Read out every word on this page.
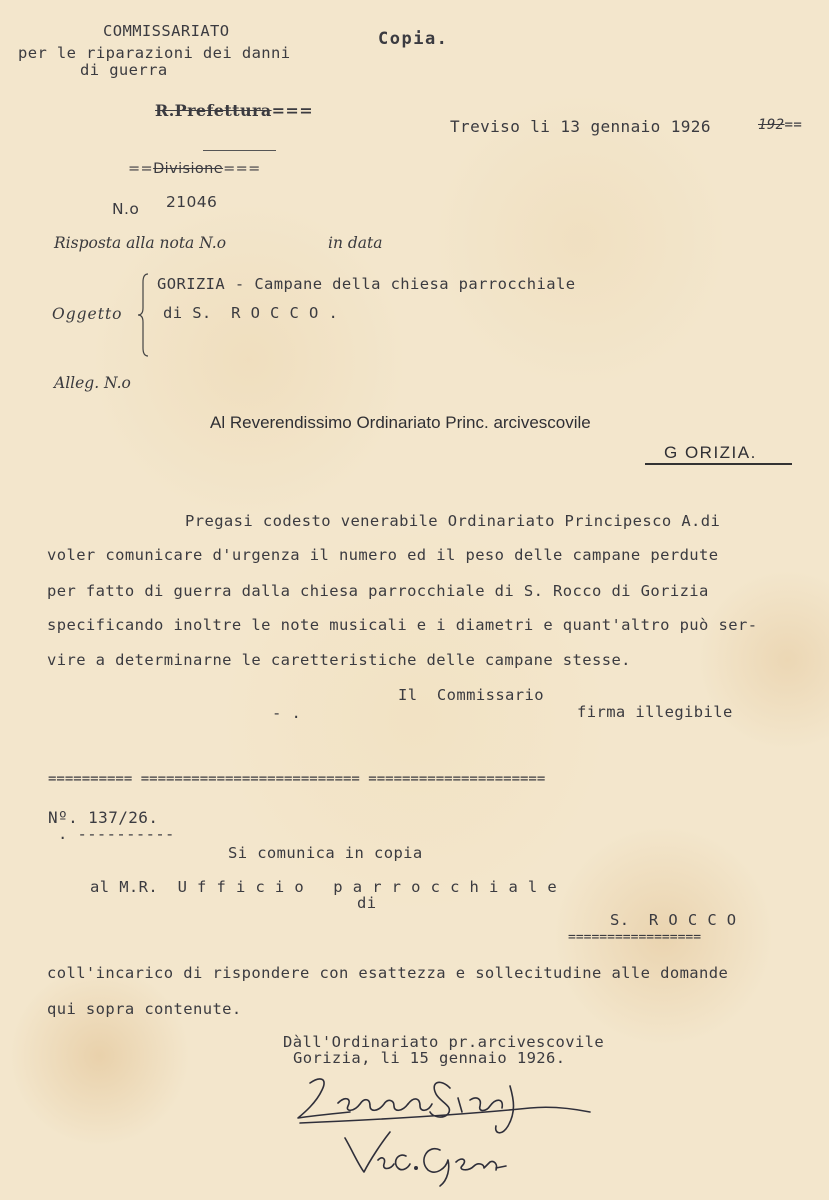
COMMISSARIATO
per le riparazioni dei danni
di guerra
Copia.
R.Prefettura===
==Divisione===
N.o 21046
Treviso li 13 gennaio 1926	192==
Risposta alla nota N.o	in data
Oggetto
GORIZIA - Campane della chiesa parrocchiale
di S.  R O C C O .
Alleg. N.o
Al Reverendissimo Ordinariato Princ. arcivescovile
G ORIZIA.
Pregasi codesto venerabile Ordinariato Principesco A.di
voler comunicare d'urgenza il numero ed il peso delle campane perdute
per fatto di guerra dalla chiesa parrocchiale di S. Rocco di Gorizia
specificando inoltre le note musicali e i diametri e quant'altro può ser-
vire a determinarne le caretteristiche delle campane stesse.
Il  Commissario
- .	firma illegibile
========== ========================== =====================
Nº. 137/26.
. ----------
Si comunica in copia
al M.R.  U f f i c i o   p a r r o c c h i a l e
di
S.  R O C C O
=================
coll'incarico di rispondere con esattezza e sollecitudine alle domande
qui sopra contenute.
Dàll'Ordinariato pr.arcivescovile
Gorizia, li 15 gennaio 1926.
